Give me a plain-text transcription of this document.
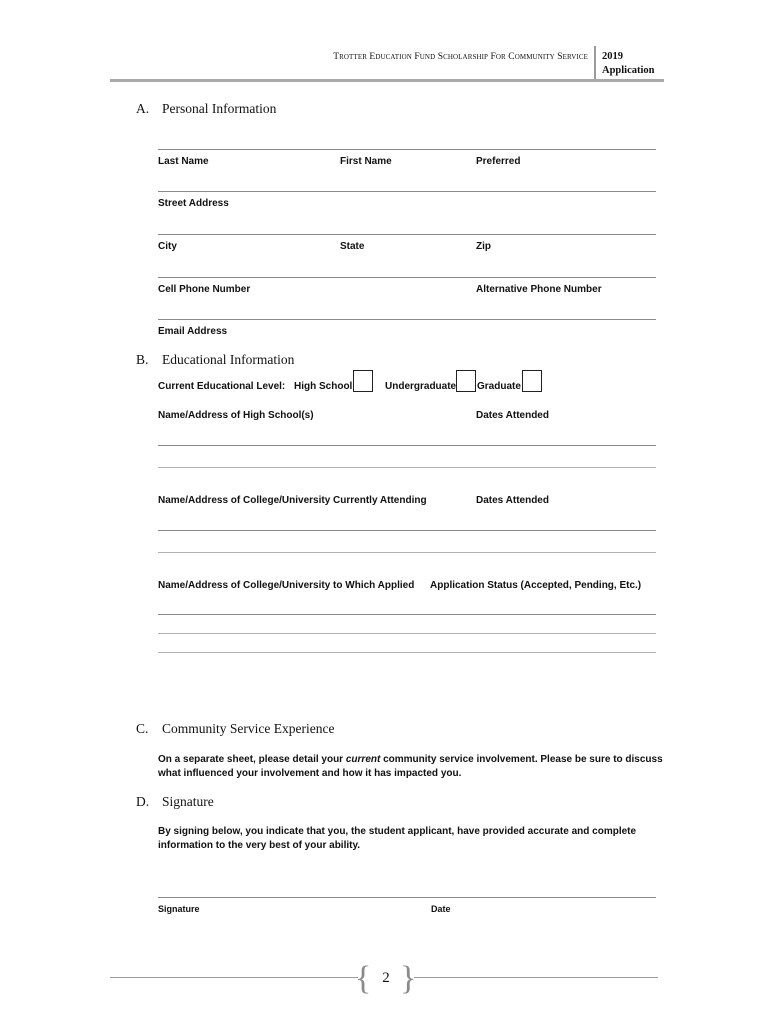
Trotter Education Fund Scholarship For Community Service 2019
Application
A. Personal Information
Last Name	First Name	Preferred
Street Address
City	State	Zip
Cell Phone Number	Alternative Phone Number
Email Address
B. Educational Information
Current Educational Level: High School	Undergraduate Graduate
Name/Address of High School(s)	Dates Attended
Name/Address of College/University Currently Attending	Dates Attended
Name/Address of College/University to Which Applied Application Status (Accepted, Pending, Etc.)
C. Community Service Experience
On a separate sheet, please detail your current community service involvement. Please be sure to discuss what influenced your involvement and how it has impacted you.
D. Signature
By signing below, you indicate that you, the student applicant, have provided accurate and complete information to the very best of your ability.
Signature	Date
{ 2 }
